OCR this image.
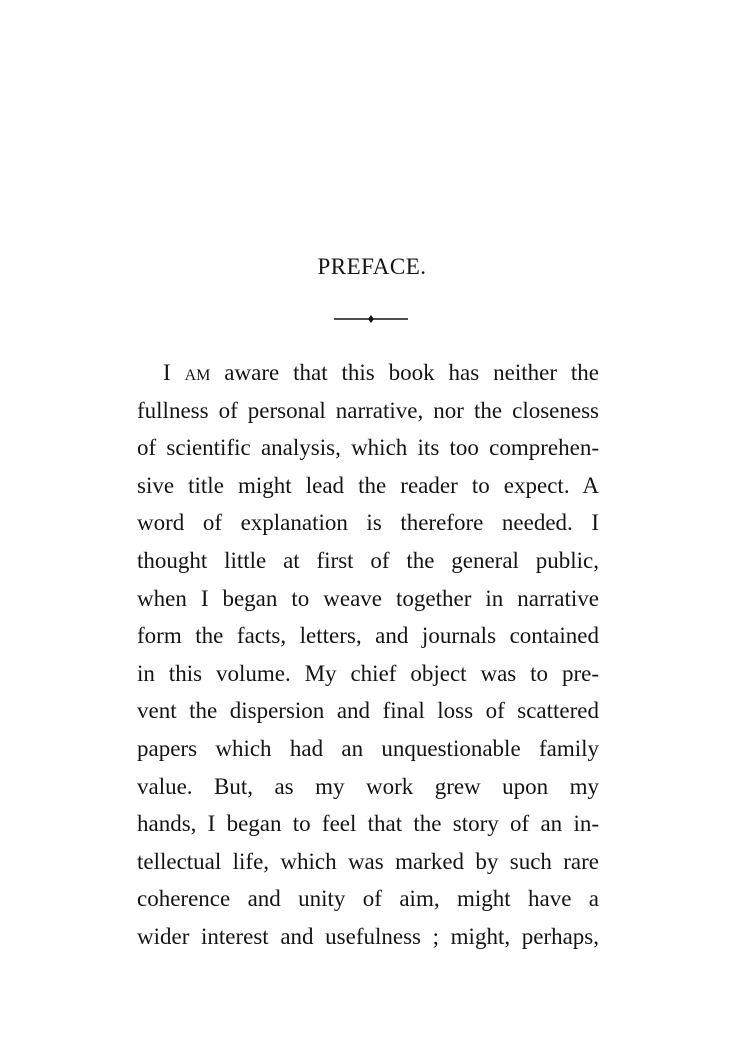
PREFACE.
I am aware that this book has neither the
fullness of personal narrative, nor the closeness
of scientific analysis, which its too comprehen-
sive title might lead the reader to expect. A
word of explanation is therefore needed. I
thought little at first of the general public,
when I began to weave together in narrative
form the facts, letters, and journals contained
in this volume. My chief object was to pre-
vent the dispersion and final loss of scattered
papers which had an unquestionable family
value. But, as my work grew upon my
hands, I began to feel that the story of an in-
tellectual life, which was marked by such rare
coherence and unity of aim, might have a
wider interest and usefulness ; might, perhaps,
